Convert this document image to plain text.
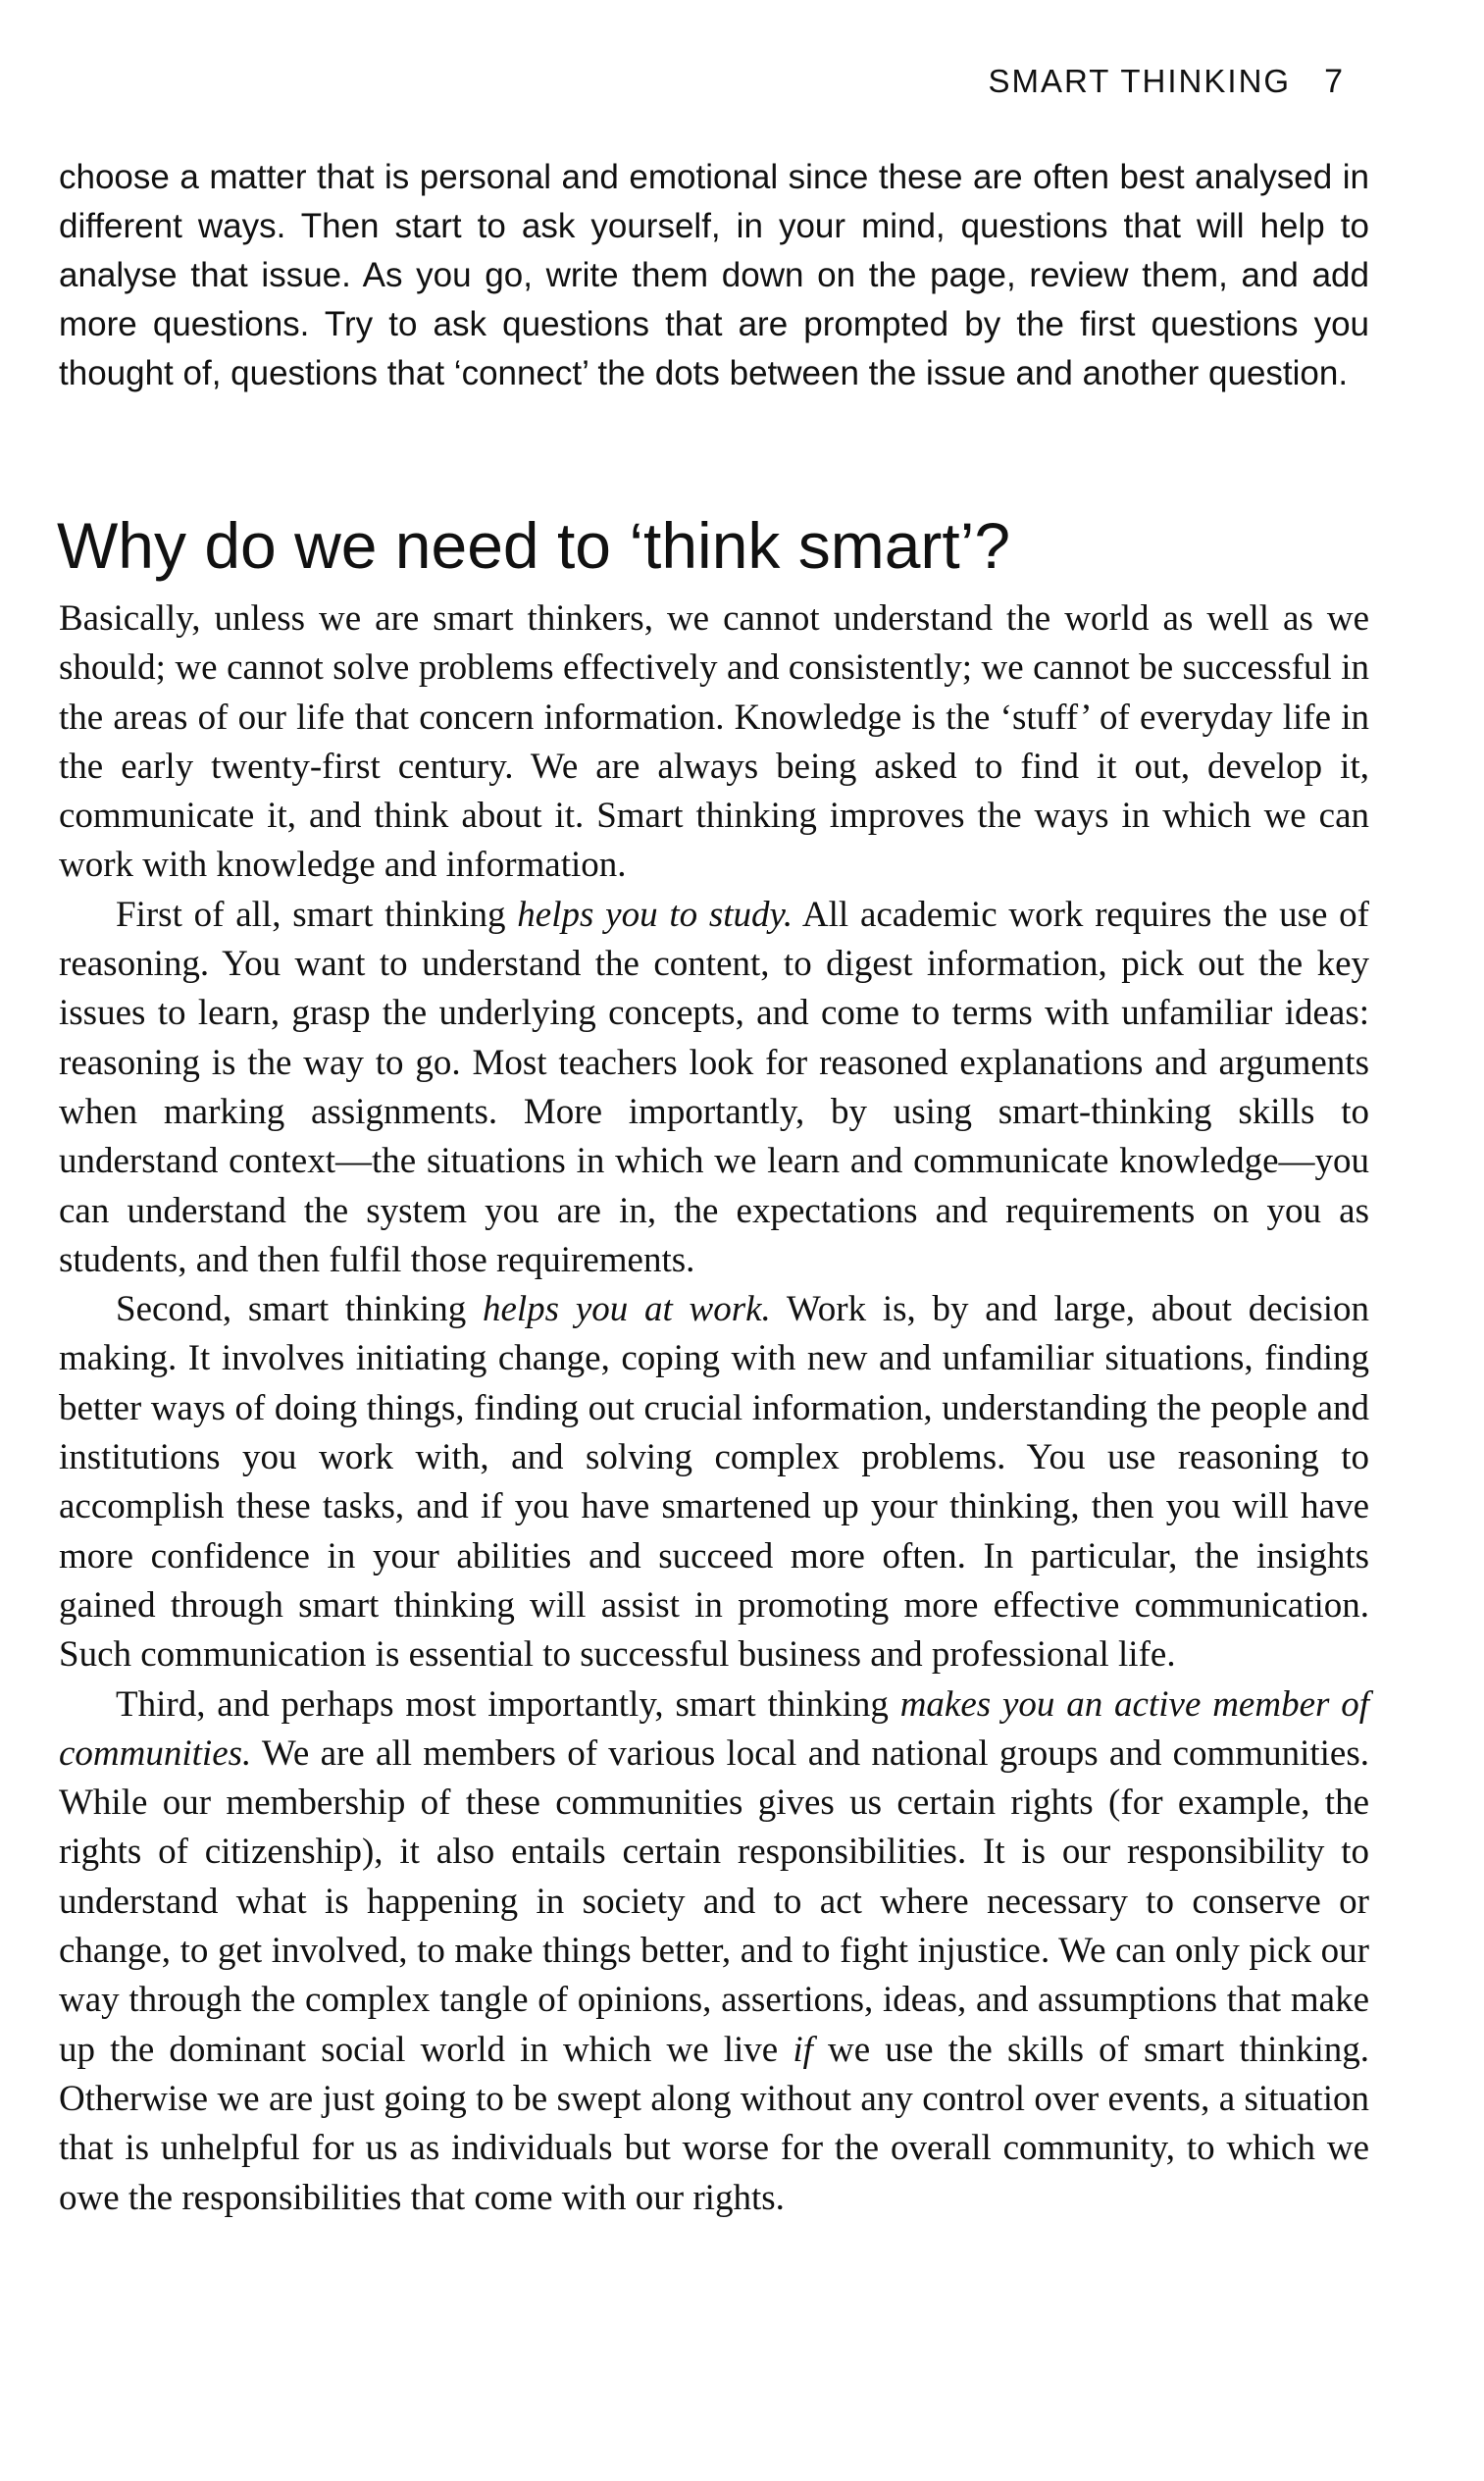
SMART THINKING 7

choose a matter that is personal and emotional since these are often best analysed in different ways. Then start to ask yourself, in your mind, questions that will help to analyse that issue. As you go, write them down on the page, review them, and add more questions. Try to ask questions that are prompted by the first questions you thought of, questions that ‘connect’ the dots between the issue and another question.

Why do we need to ‘think smart’?

Basically, unless we are smart thinkers, we cannot understand the world as well as we should; we cannot solve problems effectively and consistently; we cannot be successful in the areas of our life that concern information. Knowledge is the ‘stuff’ of everyday life in the early twenty-first century. We are always being asked to find it out, develop it, communicate it, and think about it. Smart thinking improves the ways in which we can work with knowledge and information.

First of all, smart thinking helps you to study. All academic work requires the use of reasoning. You want to understand the content, to digest information, pick out the key issues to learn, grasp the underlying concepts, and come to terms with unfamiliar ideas: reasoning is the way to go. Most teachers look for reasoned explanations and arguments when marking assignments. More importantly, by using smart-thinking skills to understand context—the situations in which we learn and communicate knowledge—you can understand the system you are in, the expectations and requirements on you as students, and then fulfil those requirements.

Second, smart thinking helps you at work. Work is, by and large, about decision making. It involves initiating change, coping with new and unfamiliar situations, finding better ways of doing things, finding out crucial information, understanding the people and institutions you work with, and solving complex problems. You use reasoning to accomplish these tasks, and if you have smartened up your thinking, then you will have more confidence in your abilities and succeed more often. In particular, the insights gained through smart thinking will assist in promoting more effective communication. Such communication is essential to successful business and professional life.

Third, and perhaps most importantly, smart thinking makes you an active member of communities. We are all members of various local and national groups and communities. While our membership of these communities gives us certain rights (for example, the rights of citizenship), it also entails certain responsibilities. It is our responsibility to understand what is happening in society and to act where necessary to conserve or change, to get involved, to make things better, and to fight injustice. We can only pick our way through the complex tangle of opinions, assertions, ideas, and assumptions that make up the dominant social world in which we live if we use the skills of smart thinking. Otherwise we are just going to be swept along without any control over events, a situation that is unhelpful for us as individuals but worse for the overall community, to which we owe the responsibilities that come with our rights.
